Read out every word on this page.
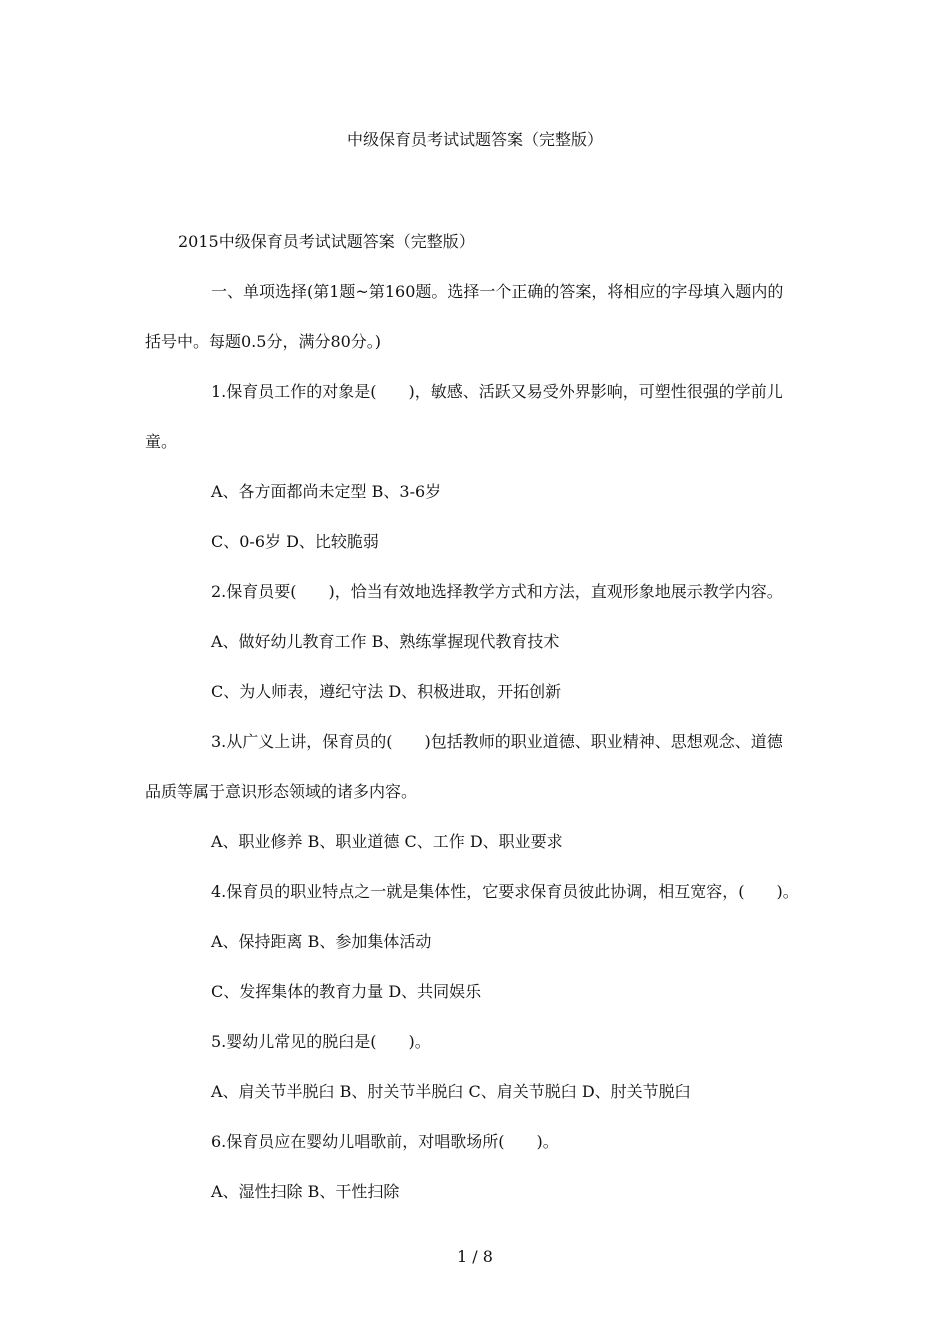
中级保育员考试试题答案（完整版）
2015中级保育员考试试题答案（完整版）
一、单项选择(第1题~第160题。选择一个正确的答案，将相应的字母填入题内的
括号中。每题0.5分，满分80分。)
1.保育员工作的对象是(　　)，敏感、活跃又易受外界影响，可塑性很强的学前儿
童。
A、各方面都尚未定型 B、3-6岁
C、0-6岁 D、比较脆弱
2.保育员要(　　)，恰当有效地选择教学方式和方法，直观形象地展示教学内容。
A、做好幼儿教育工作 B、熟练掌握现代教育技术
C、为人师表，遵纪守法 D、积极进取，开拓创新
3.从广义上讲，保育员的(　　)包括教师的职业道德、职业精神、思想观念、道德
品质等属于意识形态领域的诸多内容。
A、职业修养 B、职业道德 C、工作 D、职业要求
4.保育员的职业特点之一就是集体性，它要求保育员彼此协调，相互宽容，(　　)。
A、保持距离 B、参加集体活动
C、发挥集体的教育力量 D、共同娱乐
5.婴幼儿常见的脱臼是(　　)。
A、肩关节半脱臼 B、肘关节半脱臼 C、肩关节脱臼 D、肘关节脱臼
6.保育员应在婴幼儿唱歌前，对唱歌场所(　　)。
A、湿性扫除 B、干性扫除
1 / 8
